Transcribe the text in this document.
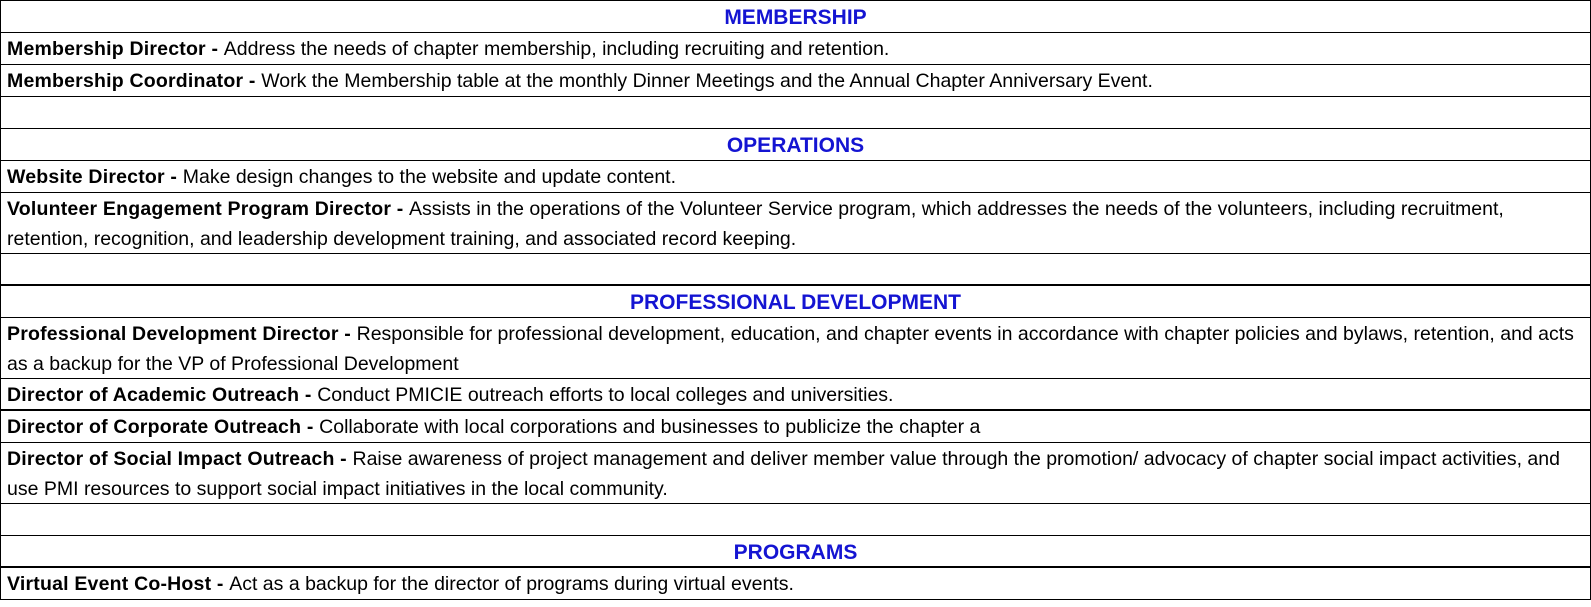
MEMBERSHIP
Membership Director - Address the needs of chapter membership, including recruiting and retention.
Membership Coordinator - Work the Membership table at the monthly Dinner Meetings and the Annual Chapter Anniversary Event.
OPERATIONS
Website Director - Make design changes to the website and update content.
Volunteer Engagement Program Director - Assists in the operations of the Volunteer Service program, which addresses the needs of the volunteers, including recruitment, retention, recognition, and leadership development training, and associated record keeping.
PROFESSIONAL DEVELOPMENT
Professional Development Director - Responsible for professional development, education, and chapter events in accordance with chapter policies and bylaws, retention, and acts as a backup for the VP of Professional Development
Director of Academic Outreach - Conduct PMICIE outreach efforts to local colleges and universities.
Director of Corporate Outreach - Collaborate with local corporations and businesses to publicize the chapter a
Director of Social Impact Outreach - Raise awareness of project management and deliver member value through the promotion/ advocacy of chapter social impact activities, and use PMI resources to support social impact initiatives in the local community.
PROGRAMS
Virtual Event Co-Host - Act as a backup for the director of programs during virtual events.
